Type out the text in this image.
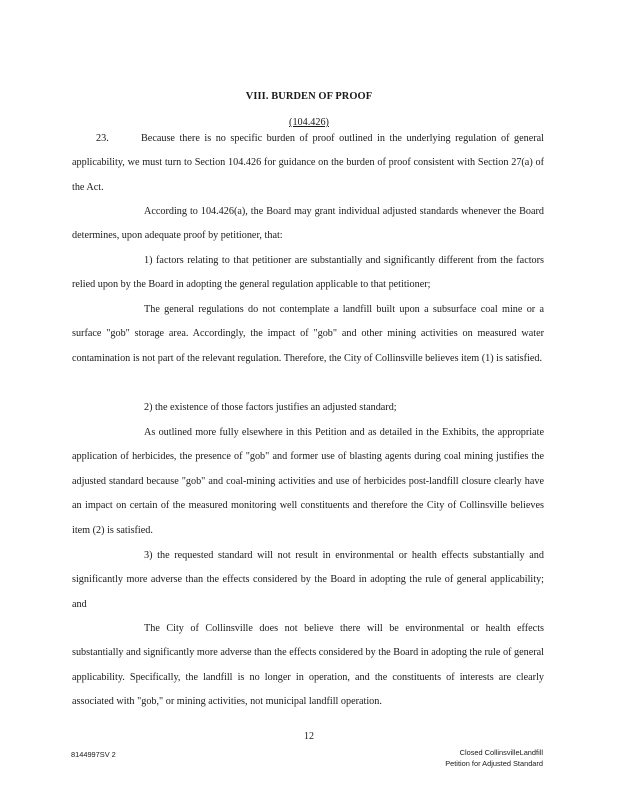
VIII. BURDEN OF PROOF
(104.426)

23.	Because there is no specific burden of proof outlined in the underlying regulation of general applicability, we must turn to Section 104.426 for guidance on the burden of proof consistent with Section 27(a) of the Act.

According to 104.426(a), the Board may grant individual adjusted standards whenever the Board determines, upon adequate proof by petitioner, that:

1) factors relating to that petitioner are substantially and significantly different from the factors relied upon by the Board in adopting the general regulation applicable to that petitioner;

The general regulations do not contemplate a landfill built upon a subsurface coal mine or a surface "gob" storage area. Accordingly, the impact of "gob" and other mining activities on measured water contamination is not part of the relevant regulation. Therefore, the City of Collinsville believes item (1) is satisfied.

2) the existence of those factors justifies an adjusted standard;

As outlined more fully elsewhere in this Petition and as detailed in the Exhibits, the appropriate application of herbicides, the presence of "gob" and former use of blasting agents during coal mining justifies the adjusted standard because "gob" and coal-mining activities and use of herbicides post-landfill closure clearly have an impact on certain of the measured monitoring well constituents and therefore the City of Collinsville believes item (2) is satisfied.

3) the requested standard will not result in environmental or health effects substantially and significantly more adverse than the effects considered by the Board in adopting the rule of general applicability; and

The City of Collinsville does not believe there will be environmental or health effects substantially and significantly more adverse than the effects considered by the Board in adopting the rule of general applicability. Specifically, the landfill is no longer in operation, and the constituents of interests are clearly associated with "gob," or mining activities, not municipal landfill operation.

12
8144997SV 2	Closed CollinsvilleLandfill
Petition for Adjusted Standard
